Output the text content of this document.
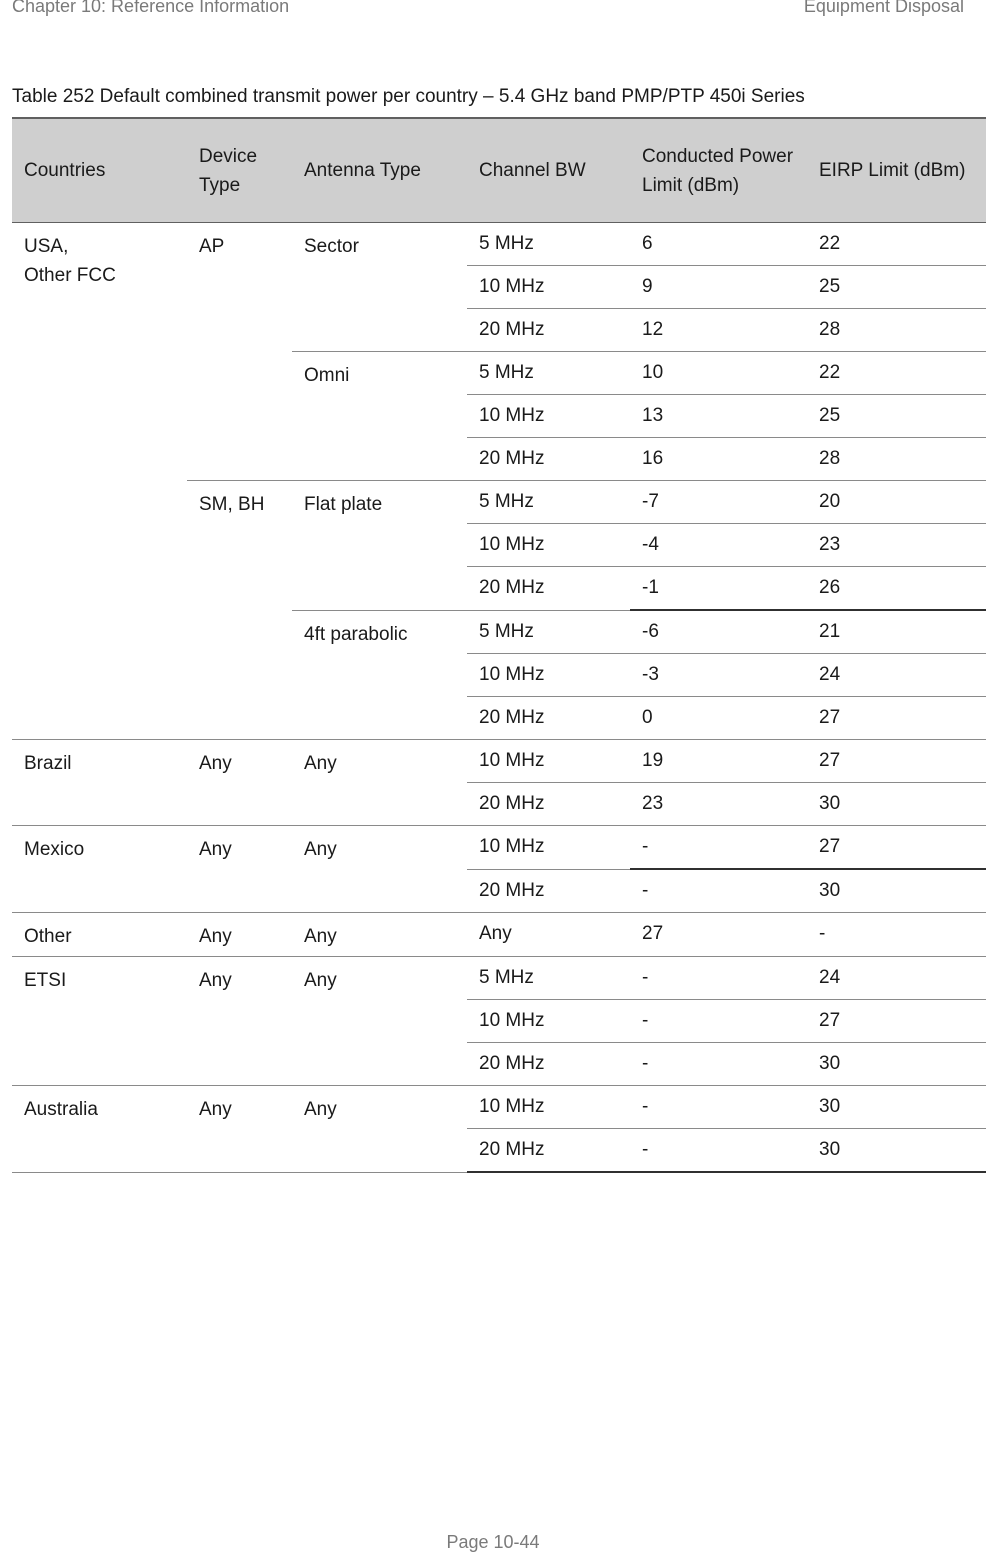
Chapter 10: Reference Information	Equipment Disposal
Table 252 Default combined transmit power per country – 5.4 GHz band PMP/PTP 450i Series
Countries	Device Type	Antenna Type	Channel BW	Conducted Power Limit (dBm)	EIRP Limit (dBm)
USA,
Other FCC	AP	Sector	5 MHz	6	22
			10 MHz	9	25
			20 MHz	12	28
		Omni	5 MHz	10	22
			10 MHz	13	25
			20 MHz	16	28
	SM, BH	Flat plate	5 MHz	-7	20
			10 MHz	-4	23
			20 MHz	-1	26
		4ft parabolic	5 MHz	-6	21
			10 MHz	-3	24
			20 MHz	0	27
Brazil	Any	Any	10 MHz	19	27
			20 MHz	23	30
Mexico	Any	Any	10 MHz	-	27
			20 MHz	-	30
Other	Any	Any	Any	27	-
ETSI	Any	Any	5 MHz	-	24
			10 MHz	-	27
			20 MHz	-	30
Australia	Any	Any	10 MHz	-	30
			20 MHz	-	30
Page 10-44
